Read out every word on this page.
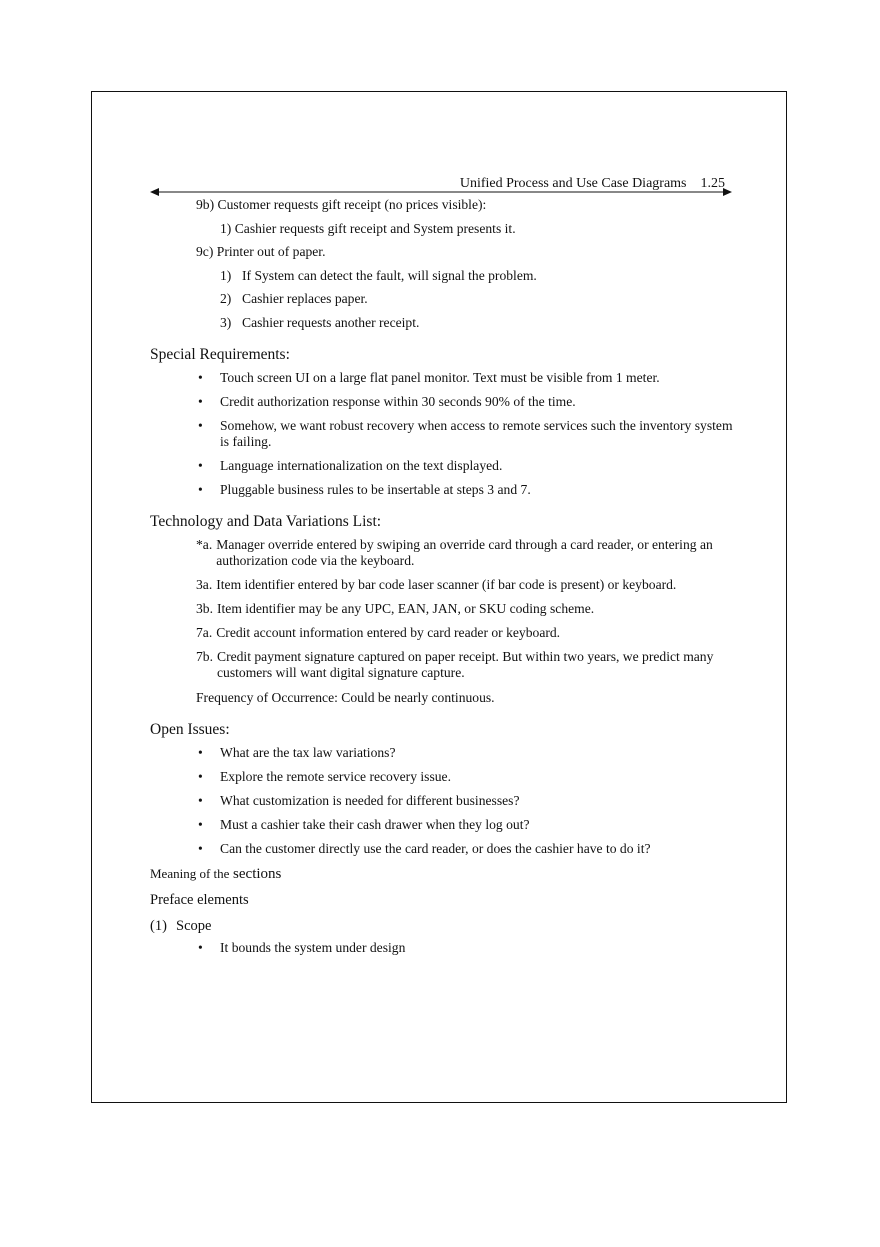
Unified Process and Use Case Diagrams 1.25
9b) Customer requests gift receipt (no prices visible):
1) Cashier requests gift receipt and System presents it.
9c) Printer out of paper.
1) If System can detect the fault, will signal the problem.
2) Cashier replaces paper.
3) Cashier requests another receipt.
Special Requirements:
•	Touch screen UI on a large flat panel monitor. Text must be visible from 1 meter.
•	Credit authorization response within 30 seconds 90% of the time.
•	Somehow, we want robust recovery when access to remote services such the inventory system is failing.
•	Language internationalization on the text displayed.
•	Pluggable business rules to be insertable at steps 3 and 7.
Technology and Data Variations List:
*a. Manager override entered by swiping an override card through a card reader, or entering an authorization code via the keyboard.
3a. Item identifier entered by bar code laser scanner (if bar code is present) or keyboard.
3b. Item identifier may be any UPC, EAN, JAN, or SKU coding scheme.
7a. Credit account information entered by card reader or keyboard.
7b. Credit payment signature captured on paper receipt. But within two years, we predict many customers will want digital signature capture.
Frequency of Occurrence: Could be nearly continuous.
Open Issues:
•	What are the tax law variations?
•	Explore the remote service recovery issue.
•	What customization is needed for different businesses?
•	Must a cashier take their cash drawer when they log out?
•	Can the customer directly use the card reader, or does the cashier have to do it?
Meaning of the sections
Preface elements
(1) Scope
•	It bounds the system under design
